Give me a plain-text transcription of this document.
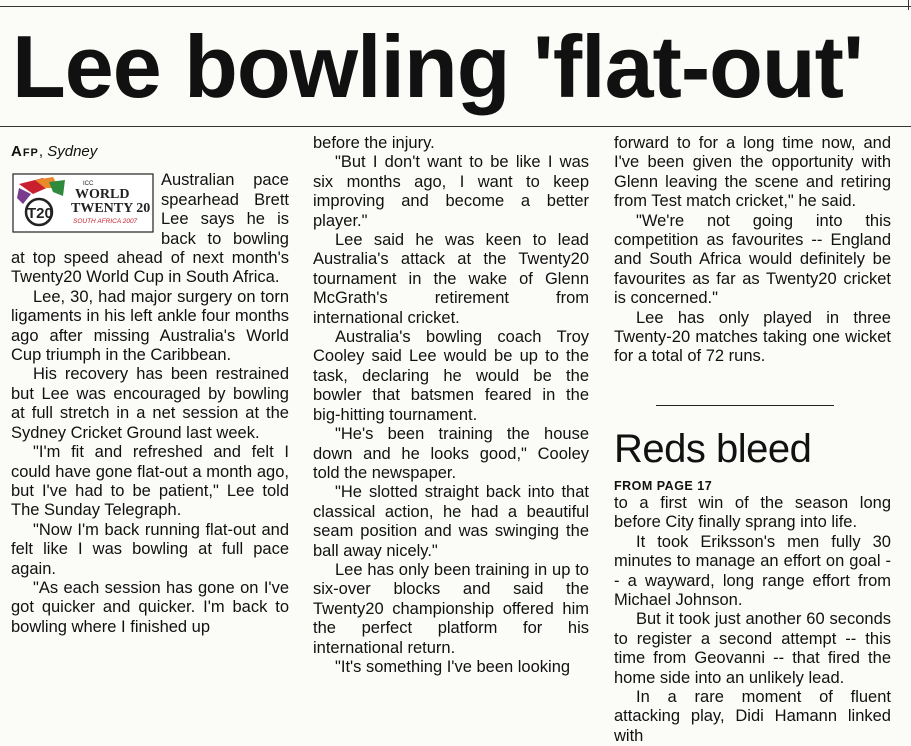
Lee bowling 'flat-out'
Afp, Sydney
T20
ICC
WORLD
TWENTY 20
SOUTH AFRICA 2007

Australian pace spearhead Brett Lee says he is back to bowling at top speed ahead of next month's Twenty20 World Cup in South Africa.

Lee, 30, had major surgery on torn ligaments in his left ankle four months ago after missing Australia's World Cup triumph in the Caribbean.

His recovery has been restrained but Lee was encouraged by bowling at full stretch in a net session at the Sydney Cricket Ground last week.

"I'm fit and refreshed and felt I could have gone flat-out a month ago, but I've had to be patient," Lee told The Sunday Telegraph.

"Now I'm back running flat-out and felt like I was bowling at full pace again.

"As each session has gone on I've got quicker and quicker. I'm back to bowling where I finished up

before the injury.

"But I don't want to be like I was six months ago, I want to keep improving and become a better player."

Lee said he was keen to lead Australia's attack at the Twenty20 tournament in the wake of Glenn McGrath's retirement from international cricket.

Australia's bowling coach Troy Cooley said Lee would be up to the task, declaring he would be the bowler that batsmen feared in the big-hitting tournament.

"He's been training the house down and he looks good," Cooley told the newspaper.

"He slotted straight back into that classical action, he had a beautiful seam position and was swinging the ball away nicely."

Lee has only been training in up to six-over blocks and said the Twenty20 championship offered him the perfect platform for his international return.

"It's something I've been looking

forward to for a long time now, and I've been given the opportunity with Glenn leaving the scene and retiring from Test match cricket," he said.

"We're not going into this competition as favourites -- England and South Africa would definitely be favourites as far as Twenty20 cricket is concerned."

Lee has only played in three Twenty-20 matches taking one wicket for a total of 72 runs.

Reds bleed
FROM PAGE 17

to a first win of the season long before City finally sprang into life.

It took Eriksson's men fully 30 minutes to manage an effort on goal -- a wayward, long range effort from Michael Johnson.

But it took just another 60 seconds to register a second attempt -- this time from Geovanni -- that fired the home side into an unlikely lead.

In a rare moment of fluent attacking play, Didi Hamann linked with
